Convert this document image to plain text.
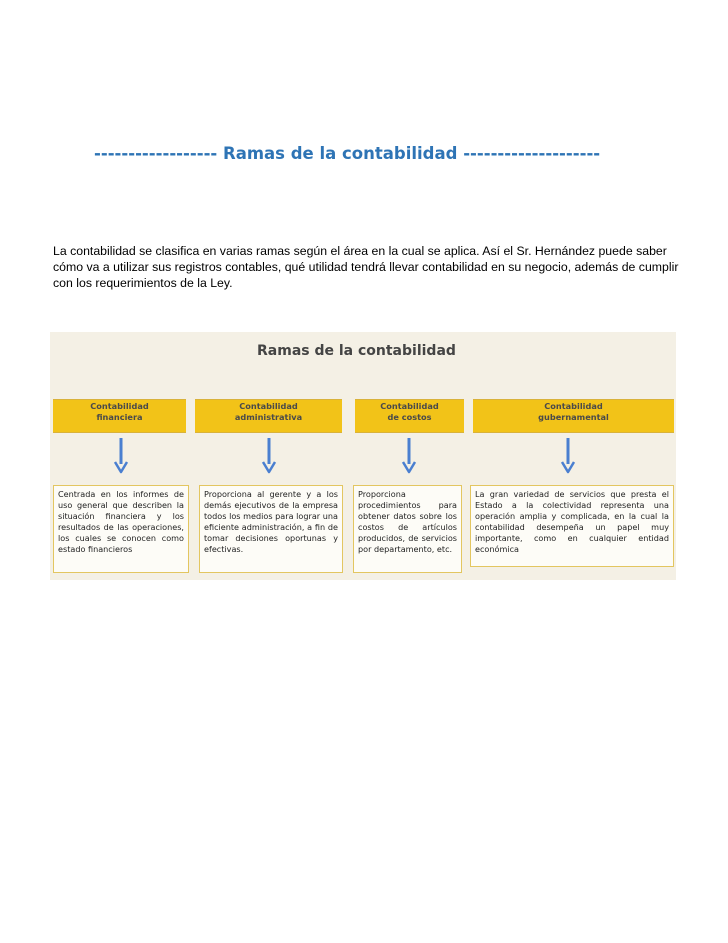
------------------ Ramas de la contabilidad --------------------
La contabilidad se clasifica en varias ramas según el área en la cual se aplica. Así el Sr. Hernández puede saber cómo va a utilizar sus registros contables, qué utilidad tendrá llevar contabilidad en su negocio, además de cumplir con los requerimientos de la Ley.
Ramas de la contabilidad
Contabilidad
financiera
Contabilidad
administrativa
Contabilidad
de costos
Contabilidad
gubernamental
Centrada en los informes de uso general que describen la situación financiera y los resultados de las operaciones, los cuales se conocen como estado financieros
Proporciona al gerente y a los demás ejecutivos de la empresa todos los medios para lograr una eficiente administración, a fin de tomar decisiones oportunas y efectivas.
Proporciona procedimientos para obtener datos sobre los costos de artículos producidos, de servicios por departamento, etc.
La gran variedad de servicios que presta el Estado a la colectividad representa una operación amplia y complicada, en la cual la contabilidad desempeña un papel muy importante, como en cualquier entidad económica
